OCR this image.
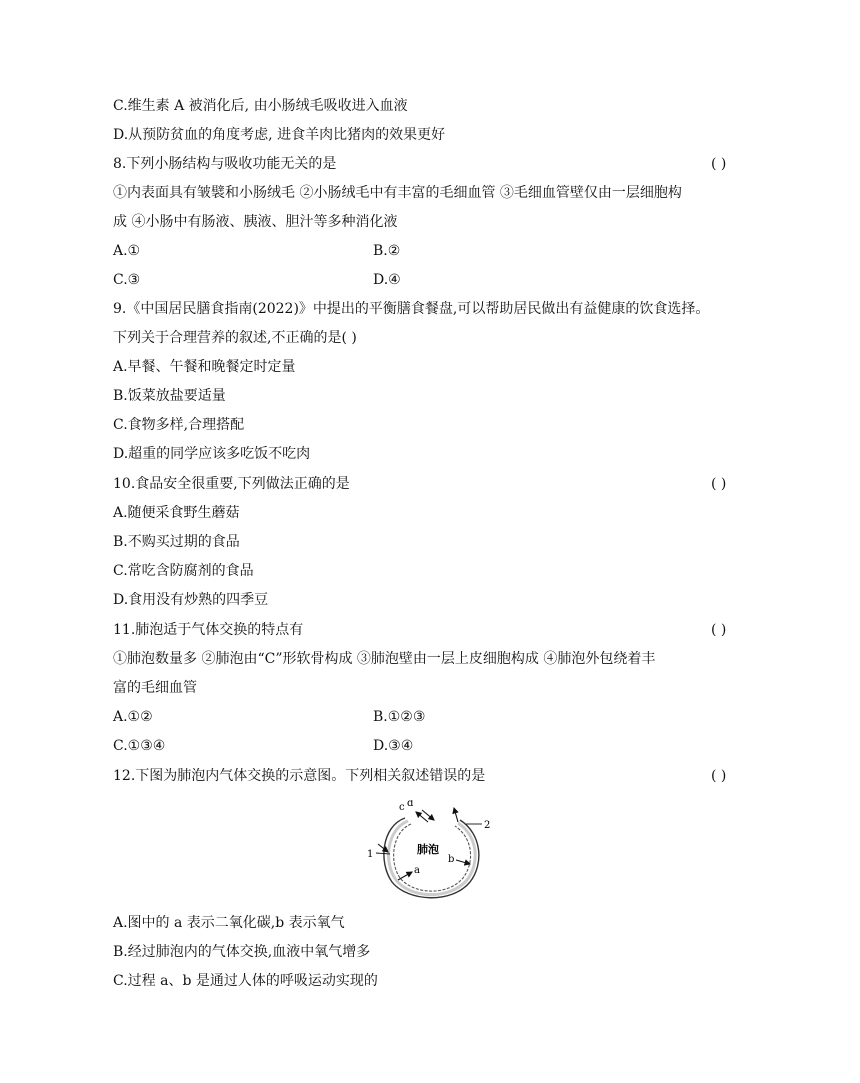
C.维生素 A 被消化后, 由小肠绒毛吸收进入血液
D.从预防贫血的角度考虑, 进食羊肉比猪肉的效果更好
8.下列小肠结构与吸收功能无关的是	( )
①内表面具有皱襞和小肠绒毛 ②小肠绒毛中有丰富的毛细血管 ③毛细血管壁仅由一层细胞构
成 ④小肠中有肠液、胰液、胆汁等多种消化液
A.①	B.②
C.③	D.④
9.《中国居民膳食指南(2022)》中提出的平衡膳食餐盘,可以帮助居民做出有益健康的饮食选择。
下列关于合理营养的叙述,不正确的是( )
A.早餐、午餐和晚餐定时定量
B.饭菜放盐要适量
C.食物多样,合理搭配
D.超重的同学应该多吃饭不吃肉
10.食品安全很重要,下列做法正确的是	( )
A.随便采食野生蘑菇
B.不购买过期的食品
C.常吃含防腐剂的食品
D.食用没有炒熟的四季豆
11.肺泡适于气体交换的特点有	( )
①肺泡数量多 ②肺泡由“C”形软骨构成 ③肺泡壁由一层上皮细胞构成 ④肺泡外包绕着丰
富的毛细血管
A.①②	B.①②③
C.①③④	D.③④
12.下图为肺泡内气体交换的示意图。下列相关叙述错误的是	( )
肺泡
c d
a
b
1
2
A.图中的 a 表示二氧化碳,b 表示氧气
B.经过肺泡内的气体交换,血液中氧气增多
C.过程 a、b 是通过人体的呼吸运动实现的
